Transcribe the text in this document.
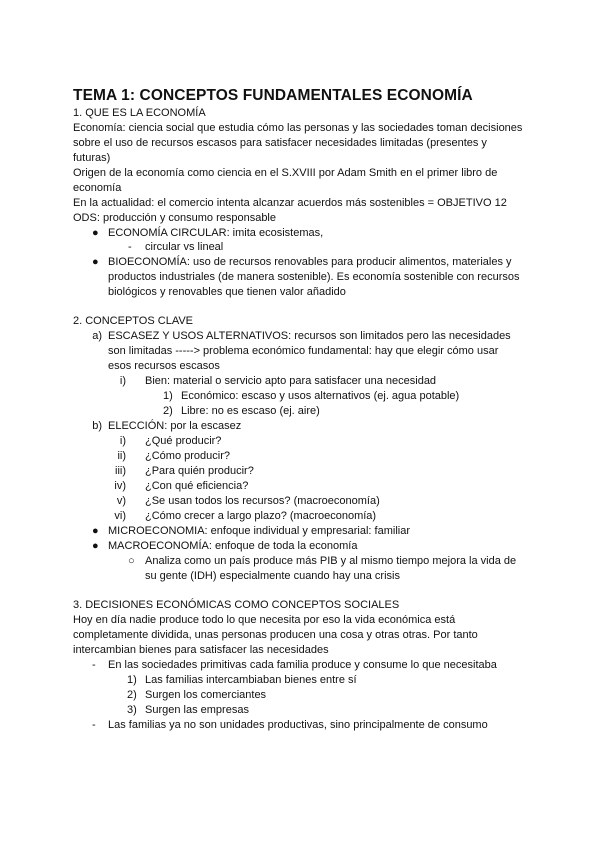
TEMA 1: CONCEPTOS FUNDAMENTALES ECONOMÍA
1. QUE ES LA ECONOMÍA
Economía: ciencia social que estudia cómo las personas y las sociedades toman decisiones
sobre el uso de recursos escasos para satisfacer necesidades limitadas (presentes y
futuras)
Origen de la economía como ciencia en el S.XVIII por Adam Smith en el primer libro de
economía
En la actualidad: el comercio intenta alcanzar acuerdos más sostenibles = OBJETIVO 12
ODS: producción y consumo responsable
● ECONOMÍA CIRCULAR: imita ecosistemas,
- circular vs lineal
● BIOECONOMÍA: uso de recursos renovables para producir alimentos, materiales y
productos industriales (de manera sostenible). Es economía sostenible con recursos
biológicos y renovables que tienen valor añadido
2. CONCEPTOS CLAVE
a) ESCASEZ Y USOS ALTERNATIVOS: recursos son limitados pero las necesidades
son limitadas -----> problema económico fundamental: hay que elegir cómo usar
esos recursos escasos
i) Bien: material o servicio apto para satisfacer una necesidad
1) Económico: escaso y usos alternativos (ej. agua potable)
2) Libre: no es escaso (ej. aire)
b) ELECCIÓN: por la escasez
i) ¿Qué producir?
ii) ¿Cómo producir?
iii) ¿Para quién producir?
iv) ¿Con qué eficiencia?
v) ¿Se usan todos los recursos? (macroeconomía)
vi) ¿Cómo crecer a largo plazo? (macroeconomía)
● MICROECONOMIA: enfoque individual y empresarial: familiar
● MACROECONOMÍA: enfoque de toda la economía
○ Analiza como un país produce más PIB y al mismo tiempo mejora la vida de
su gente (IDH) especialmente cuando hay una crisis
3. DECISIONES ECONÓMICAS COMO CONCEPTOS SOCIALES
Hoy en día nadie produce todo lo que necesita por eso la vida económica está
completamente dividida, unas personas producen una cosa y otras otras. Por tanto
intercambian bienes para satisfacer las necesidades
- En las sociedades primitivas cada familia produce y consume lo que necesitaba
1) Las familias intercambiaban bienes entre sí
2) Surgen los comerciantes
3) Surgen las empresas
- Las familias ya no son unidades productivas, sino principalmente de consumo
